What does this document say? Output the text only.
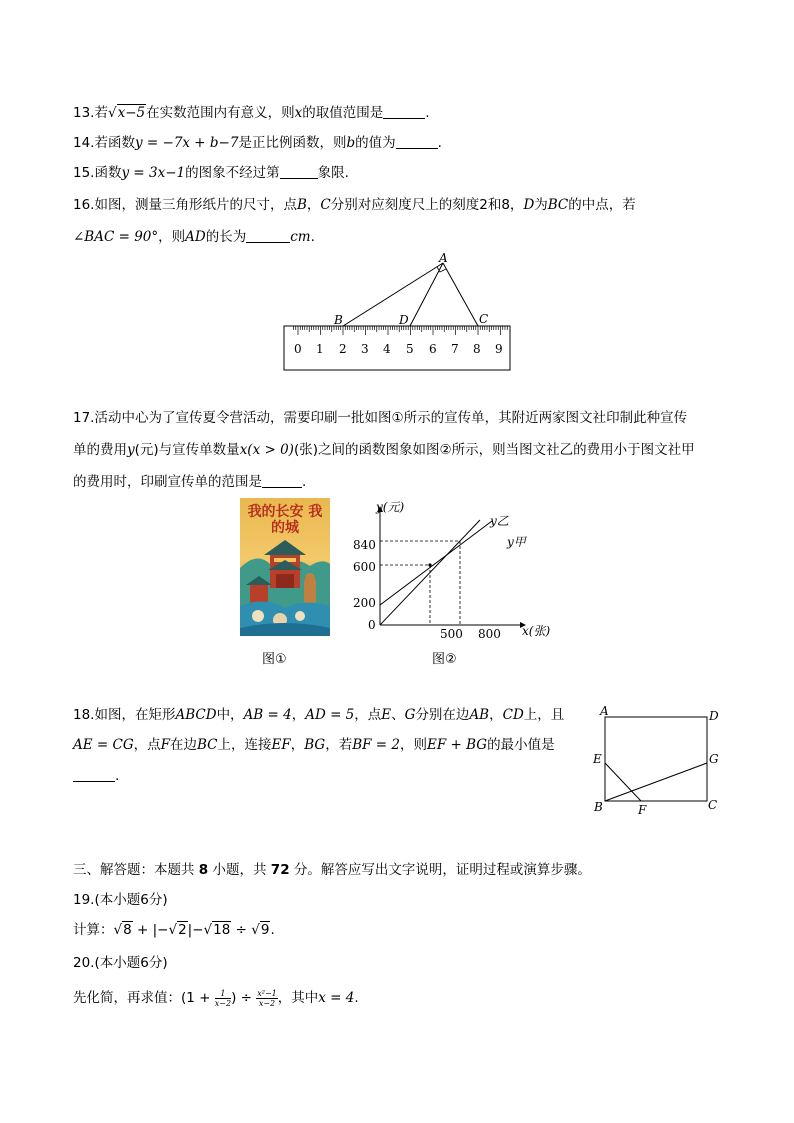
13.若√x−5在实数范围内有意义，则x的取值范围是	.
14.若函数y = −7x + b−7是正比例函数，则b的值为	.
15.函数y = 3x−1的图象不经过第	象限.
16.如图，测量三角形纸片的尺寸，点B，C分别对应刻度尺上的刻度2和8，D为BC的中点，若
∠BAC = 90°，则AD的长为	cm.
A
B	D	C
0 1 2 3 4 5 6 7 8 9
17.活动中心为了宣传夏令营活动，需要印刷一批如图①所示的宣传单，其附近两家图文社印制此种宣传
单的费用y(元)与宣传单数量x(x > 0)(张)之间的函数图象如图②所示，则当图文社乙的费用小于图文社甲
的费用时，印刷宣传单的范围是	.
我的长安 我的城
图①
y(元)
x(张)
840
600
200
0
500 800
y乙
y甲
图②
18.如图，在矩形ABCD中，AB = 4，AD = 5，点E、G分别在边AB，CD上，且
AE = CG，点F在边BC上，连接EF，BG，若BF = 2，则EF + BG的最小值是
.
A	D
E	G
B	F	C
三、解答题：本题共 8 小题，共 72 分。解答应写出文字说明，证明过程或演算步骤。
19.(本小题6分)
计算：√8 + |−√2|−√18 ÷ √9.
20.(本小题6分)
先化简，再求值：($1 + \frac{1}{x-2}$ ) ÷ $\frac{\text{x²−1}}{x-2}$ ，其中x = 4.
